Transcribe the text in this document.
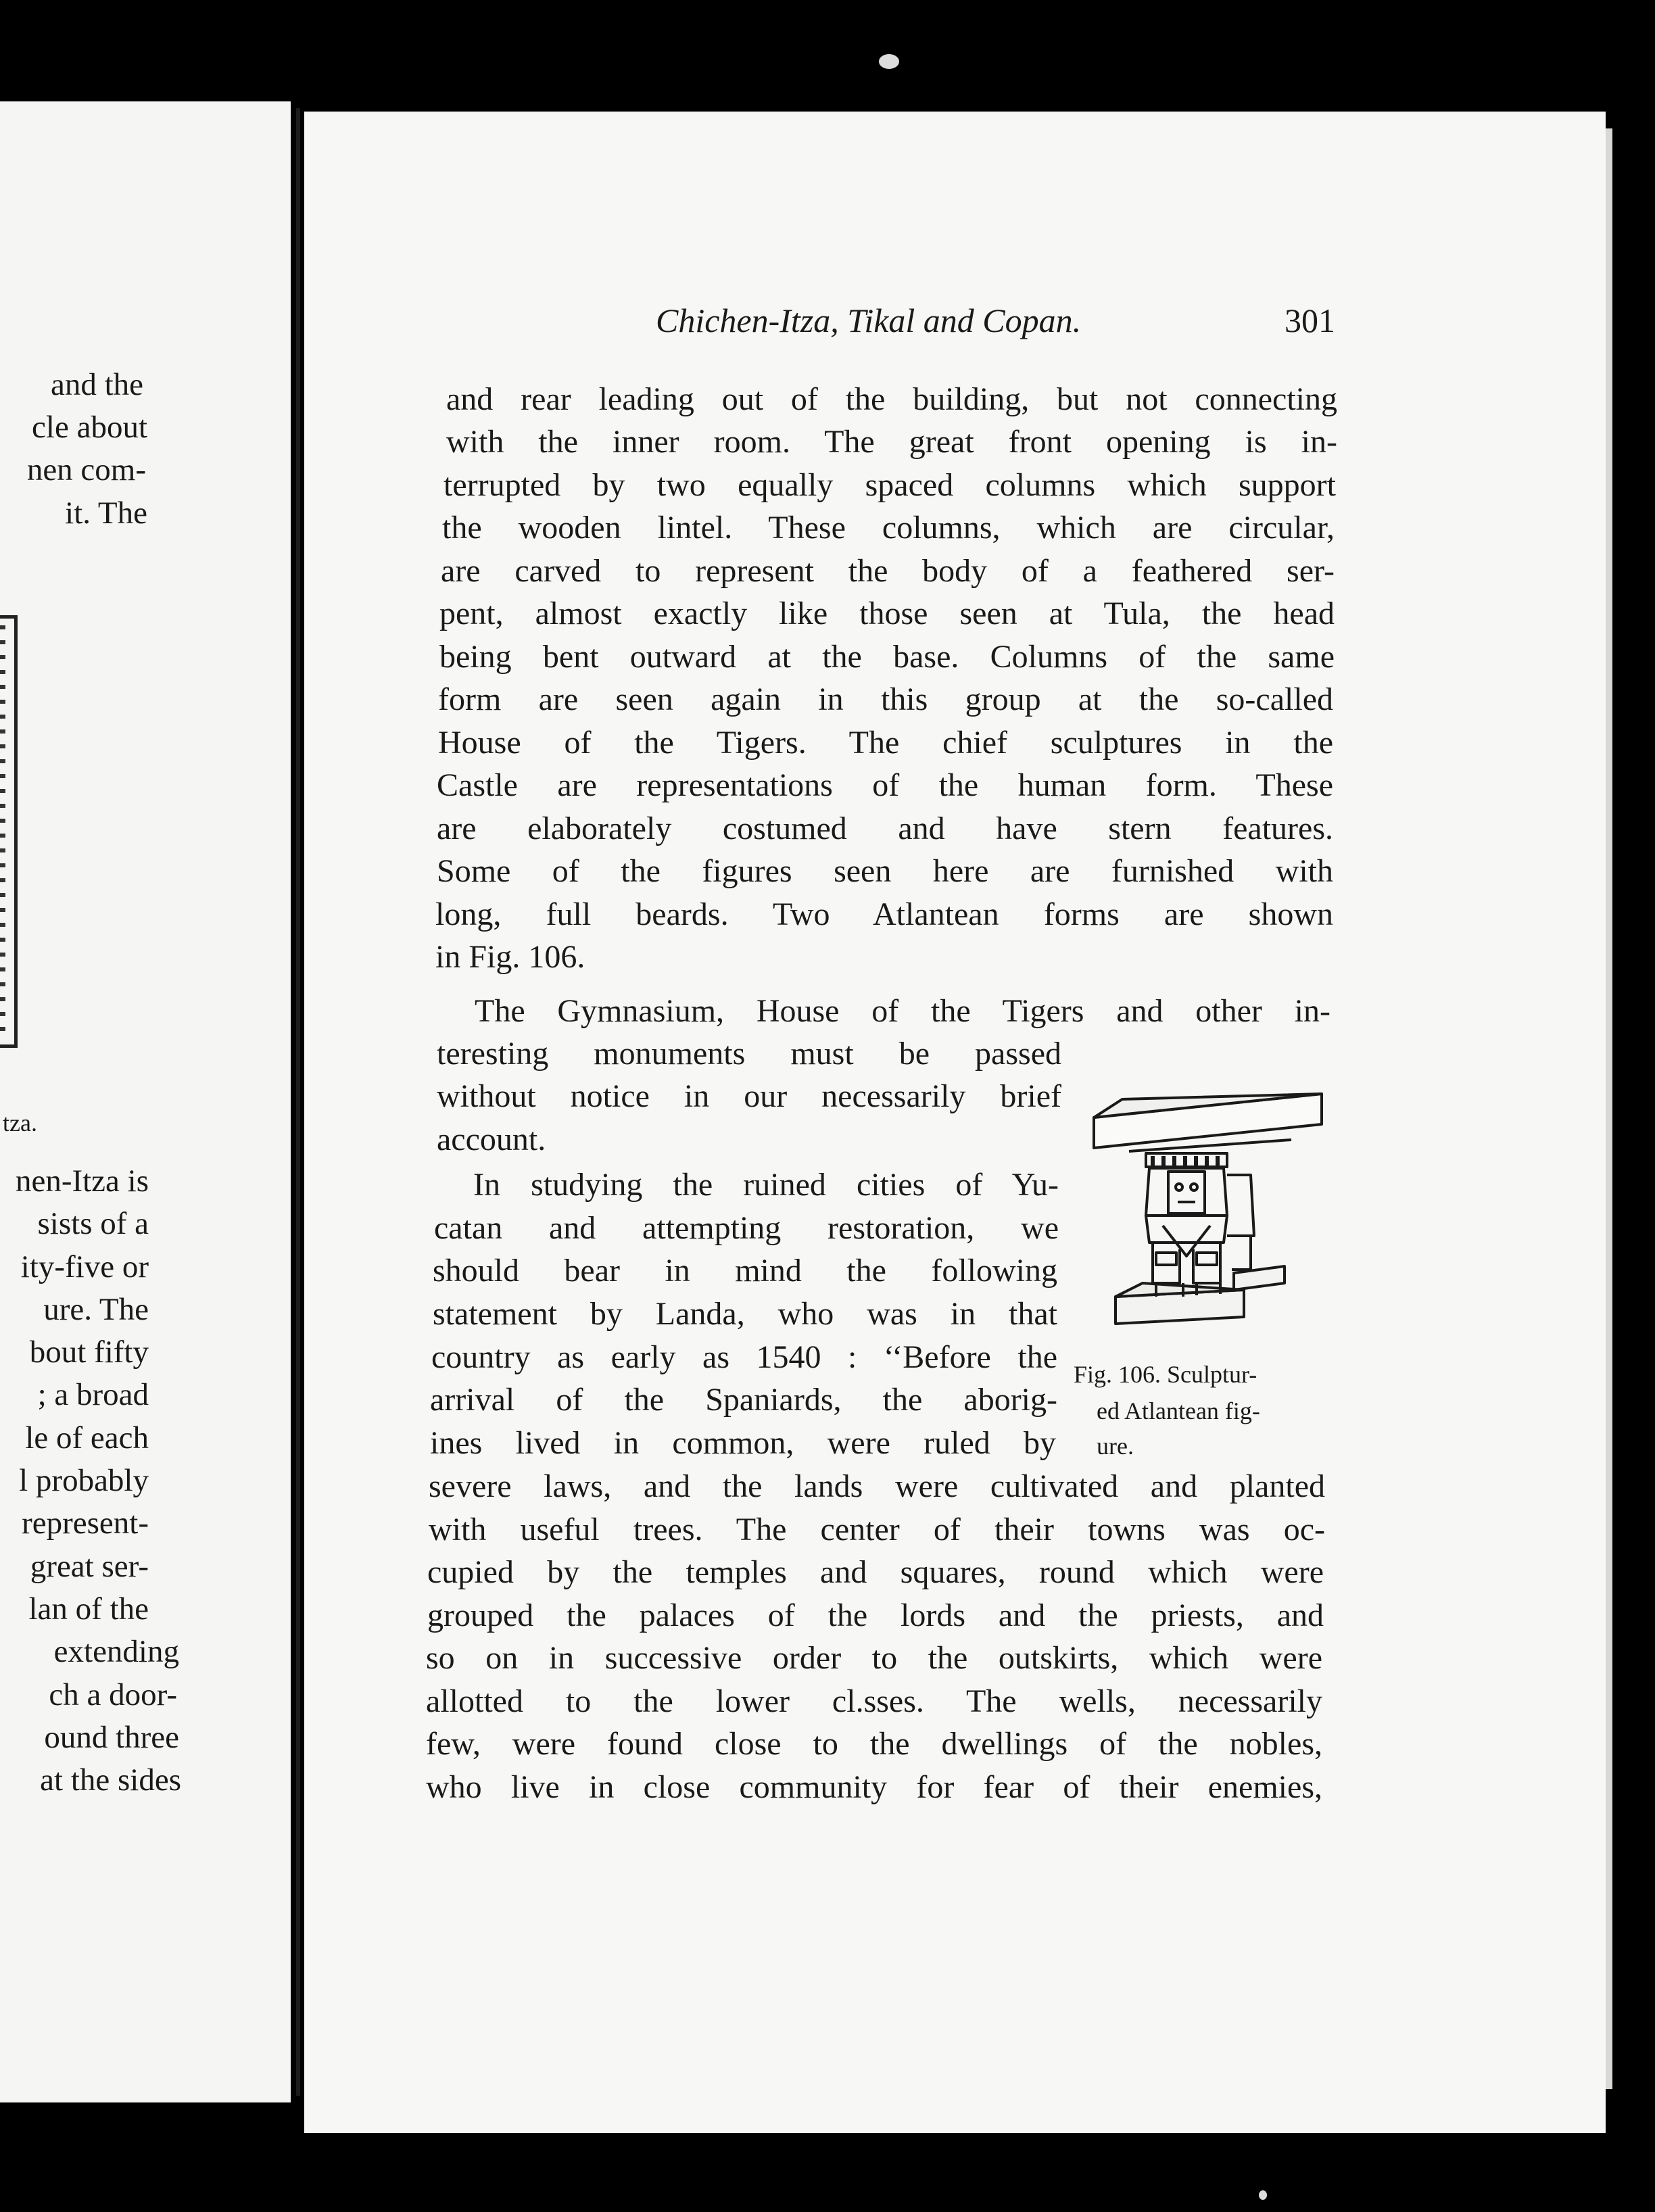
and the
cle about
nen com-
it. The
tza.
nen-Itza is
sists of a
ity-five or
ure. The
bout fifty
; a broad
le of each
l probably
represent-
great ser-
lan of the
extending
ch a door-
ound three
at the sides
Chichen-Itza, Tikal and Copan.	301
and rear leading out of the building, but not connecting
with the inner room. The great front opening is in-
terrupted by two equally spaced columns which support
the wooden lintel. These columns, which are circular,
are carved to represent the body of a feathered ser-
pent, almost exactly like those seen at Tula, the head
being bent outward at the base. Columns of the same
form are seen again in this group at the so-called
House of the Tigers. The chief sculptures in the
Castle are representations of the human form. These
are elaborately costumed and have stern features.
Some of the figures seen here are furnished with
long, full beards. Two Atlantean forms are shown
in Fig. 106.
The Gymnasium, House of the Tigers and other in-
teresting monuments must be passed
without notice in our necessarily brief
account.
In studying the ruined cities of Yu-
catan and attempting restoration, we
should bear in mind the following
statement by Landa, who was in that
country as early as 1540 : ‘‘Before the
arrival of the Spaniards, the aborig-
ines lived in common, were ruled by
severe laws, and the lands were cultivated and planted
with useful trees. The center of their towns was oc-
cupied by the temples and squares, round which were
grouped the palaces of the lords and the priests, and
so on in successive order to the outskirts, which were
allotted to the lower cl.sses. The wells, necessarily
few, were found close to the dwellings of the nobles,
who live in close community for fear of their enemies,
Fig. 106. Sculptur-
ed Atlantean fig-
ure.
